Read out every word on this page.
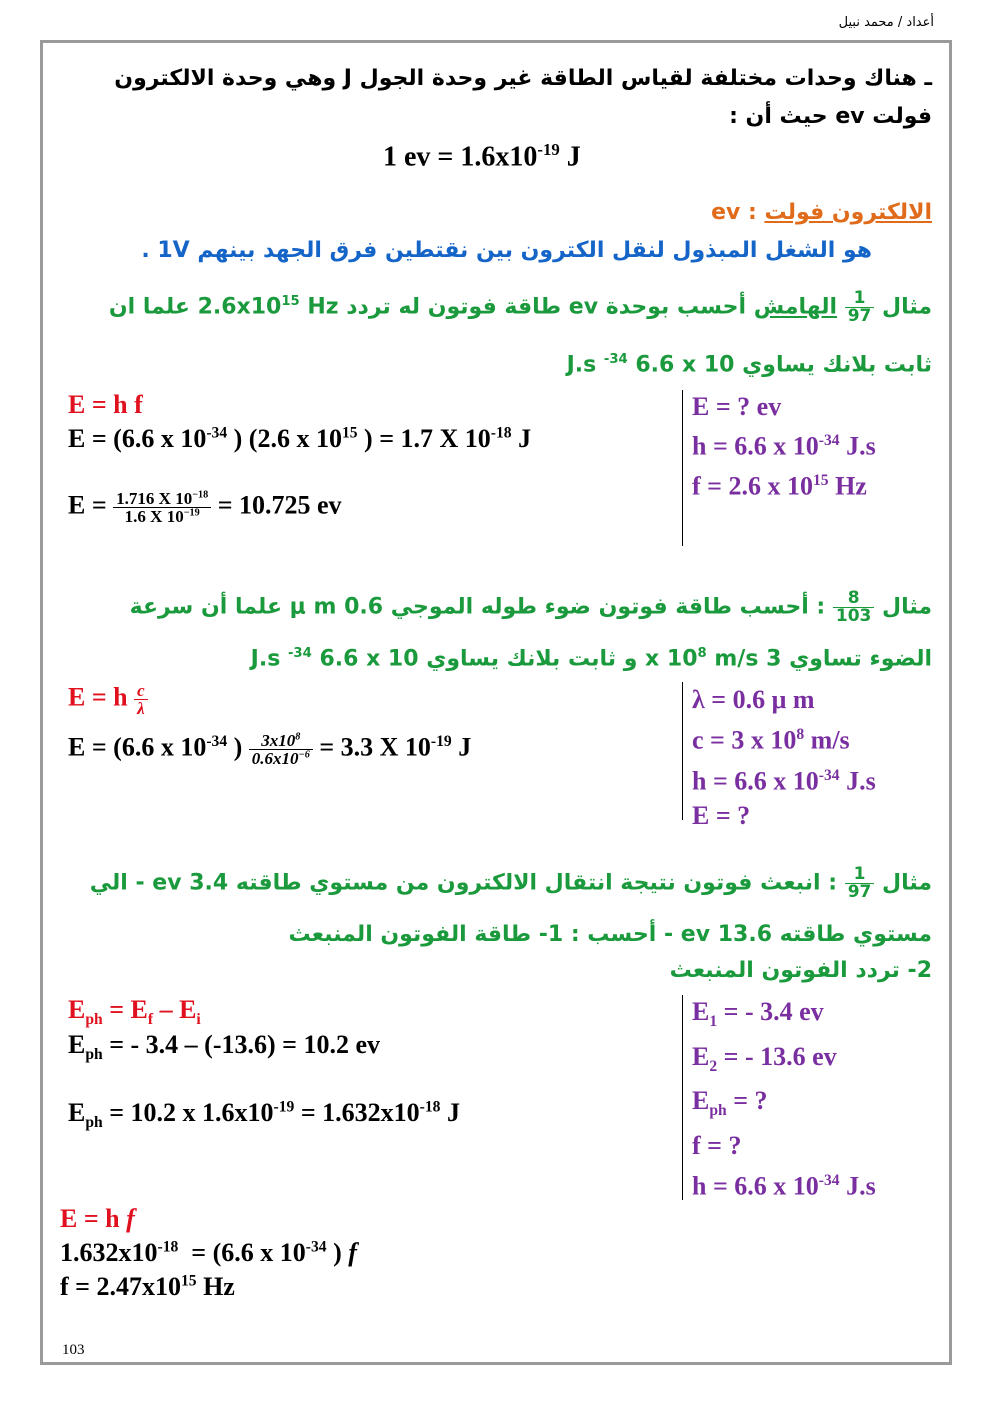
أعداد / محمد نبيل
ـ هناك وحدات مختلفة لقياس الطاقة غير وحدة الجول J وهي وحدة الالكترون
فولت ev حيث أن :
1 ev = $1.6x10^{-19}$ J
الالكترون فولت : ev
هو الشغل المبذول لنقل الكترون بين نقتطين فرق الجهد بينهم 1V .
مثال
$\frac{1}{97}$
الهامش أحسب بوحدة ev طاقة فوتون له تردد $2.6x10^{15}$ Hz علما ان
ثابت بلانك يساوي J.s $^{-34}$ 6.6 x 10
E = ? ev
h = 6.6 x $10^{-34}$ J.s
f = 2.6 x $10^{15}$ Hz
E = h f
E = (6.6 x $10^{-34}$ ) (2.6 x $10^{15}$ ) = 1.7 X $10^{-18}$ J
$E = \frac{1.716 X 10^{-18}}{1.6 X 10^{-19}} = 10.725$ ev
مثال
$\frac{8}{103}$
: أحسب طاقة فوتون ضوء طوله الموجي 0.6 μ m علما أن سرعة
الضوء تساوي 3 x $10^8$ m/s و ثابت بلانك يساوي J.s $^{-34}$ 6.6 x 10
λ = 0.6 μ m
c = 3 x $10^8$ m/s
h = 6.6 x $10^{-34}$ J.s
E = ?
E = h $\frac{c}{\lambda}$
E = (6.6 x $10^{-34}$ ) $\frac{3x10^8}{0.6x10^{-6}} = 3.3$ X $10^{-19}$ J
مثال
$\frac{1}{97}$
: انبعث فوتون نتيجة انتقال الالكترون من مستوي طاقته 3.4 ev - الي
مستوي طاقته 13.6 ev - أحسب : 1- طاقة الفوتون المنبعث
2- تردد الفوتون المنبعث
$E_1$ = - 3.4 ev
$E_2$ = - 13.6 ev
$E_{ph}$ = ?
f = ?
h = 6.6 x $10^{-34}$ J.s
$E_{ph} = E_f - E_i$
$E_{ph}$ = - 3.4 – (-13.6) = 10.2 ev
$E_{ph} = 10.2$ x $1.6x10^{-19} = 1.632x10^{-18}$ J
E = h f
$1.632x10^{-18} = (6.6$ x $10^{-34}$ ) f
$f = 2.47x10^{15}$ Hz
103
